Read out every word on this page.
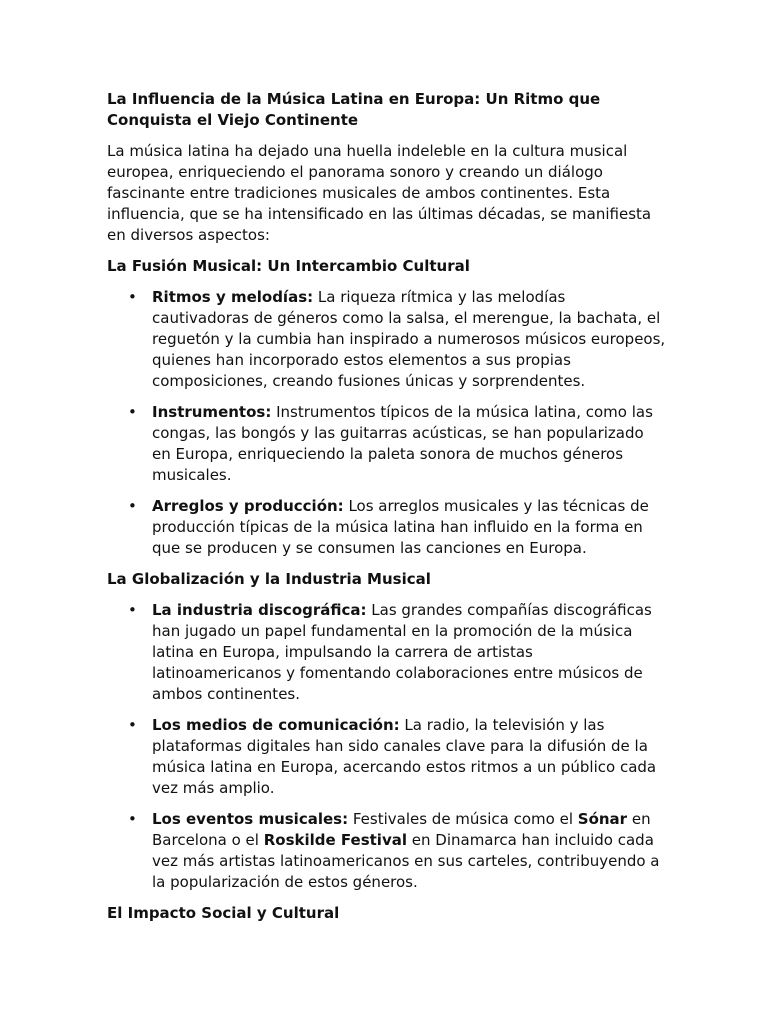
La Influencia de la Música Latina en Europa: Un Ritmo que Conquista el Viejo Continente

La música latina ha dejado una huella indeleble en la cultura musical europea, enriqueciendo el panorama sonoro y creando un diálogo fascinante entre tradiciones musicales de ambos continentes. Esta influencia, que se ha intensificado en las últimas décadas, se manifiesta en diversos aspectos:

La Fusión Musical: Un Intercambio Cultural
• Ritmos y melodías: La riqueza rítmica y las melodías cautivadoras de géneros como la salsa, el merengue, la bachata, el reguetón y la cumbia han inspirado a numerosos músicos europeos, quienes han incorporado estos elementos a sus propias composiciones, creando fusiones únicas y sorprendentes.
• Instrumentos: Instrumentos típicos de la música latina, como las congas, las bongós y las guitarras acústicas, se han popularizado en Europa, enriqueciendo la paleta sonora de muchos géneros musicales.
• Arreglos y producción: Los arreglos musicales y las técnicas de producción típicas de la música latina han influido en la forma en que se producen y se consumen las canciones en Europa.
La Globalización y la Industria Musical
• La industria discográfica: Las grandes compañías discográficas han jugado un papel fundamental en la promoción de la música latina en Europa, impulsando la carrera de artistas latinoamericanos y fomentando colaboraciones entre músicos de ambos continentes.
• Los medios de comunicación: La radio, la televisión y las plataformas digitales han sido canales clave para la difusión de la música latina en Europa, acercando estos ritmos a un público cada vez más amplio.
• Los eventos musicales: Festivales de música como el Sónar en Barcelona o el Roskilde Festival en Dinamarca han incluido cada vez más artistas latinoamericanos en sus carteles, contribuyendo a la popularización de estos géneros.
El Impacto Social y Cultural
